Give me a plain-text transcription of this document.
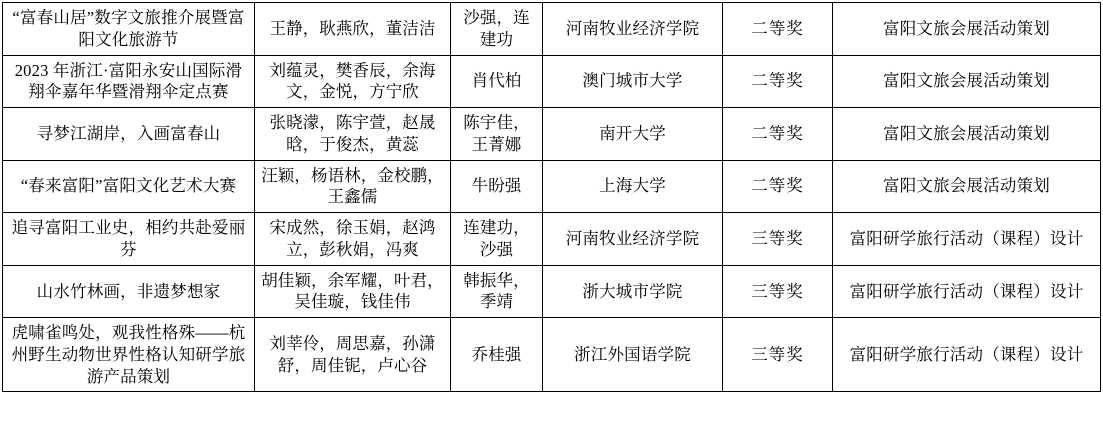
“富春山居”数字文旅推介展暨富阳文化旅游节	王静，耿燕欣，董洁洁	沙强，连建功	河南牧业经济学院	二等奖	富阳文旅会展活动策划
2023 年浙江·富阳永安山国际滑翔伞嘉年华暨滑翔伞定点赛	刘蕴灵，樊香辰，余海文，金悦，方宁欣	肖代柏	澳门城市大学	二等奖	富阳文旅会展活动策划
寻梦江湖岸，入画富春山	张晓濛，陈宇萱，赵晟晗，于俊杰，黄蕊	陈宇佳，王菁娜	南开大学	二等奖	富阳文旅会展活动策划
“春来富阳”富阳文化艺术大赛	汪颖，杨语林，金校鹏，王鑫儒	牛盼强	上海大学	二等奖	富阳文旅会展活动策划
追寻富阳工业史，相约共赴爱丽芬	宋成然，徐玉娟，赵鸿立，彭秋娟，冯爽	连建功，沙强	河南牧业经济学院	三等奖	富阳研学旅行活动（课程）设计
山水竹林画，非遗梦想家	胡佳颖，余军耀，叶君，吴佳璇，钱佳伟	韩振华，季靖	浙大城市学院	三等奖	富阳研学旅行活动（课程）设计
虎啸雀鸣处，观我性格殊——杭州野生动物世界性格认知研学旅游产品策划	刘莘伶，周思嘉，孙潇舒，周佳铌，卢心谷	乔桂强	浙江外国语学院	三等奖	富阳研学旅行活动（课程）设计
